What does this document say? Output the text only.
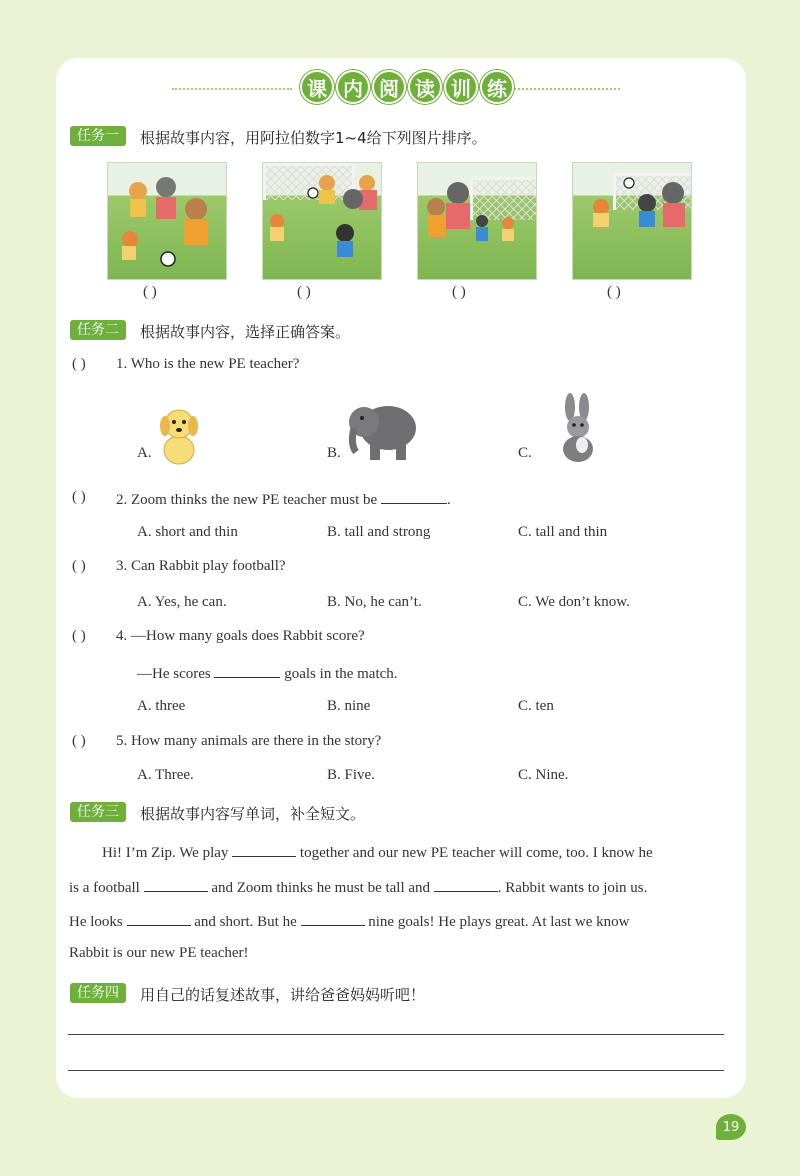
课 内 阅 读 训 练
任务一	根据故事内容，用阿拉伯数字1~4给下列图片排序。
( )	( )	( )	( )
任务二	根据故事内容，选择正确答案。
( ) 1. Who is the new PE teacher?
A.	B.	C.
( ) 2. Zoom thinks the new PE teacher must be	.
A. short and thin	B. tall and strong	C. tall and thin
( ) 3. Can Rabbit play football?
A. Yes, he can.	B. No, he can’t.	C. We don’t know.
( ) 4. —How many goals does Rabbit score?
—He scores	goals in the match.
A. three	B. nine	C. ten
( ) 5. How many animals are there in the story?
A. Three.	B. Five.	C. Nine.
任务三	根据故事内容写单词，补全短文。
Hi! I’m Zip. We play	together and our new PE teacher will come, too. I know he
is a football	and Zoom thinks he must be tall and	. Rabbit wants to join us.
He looks	and short. But he	nine goals! He plays great. At last we know
Rabbit is our new PE teacher!
任务四	用自己的话复述故事，讲给爸爸妈妈听吧！
19
